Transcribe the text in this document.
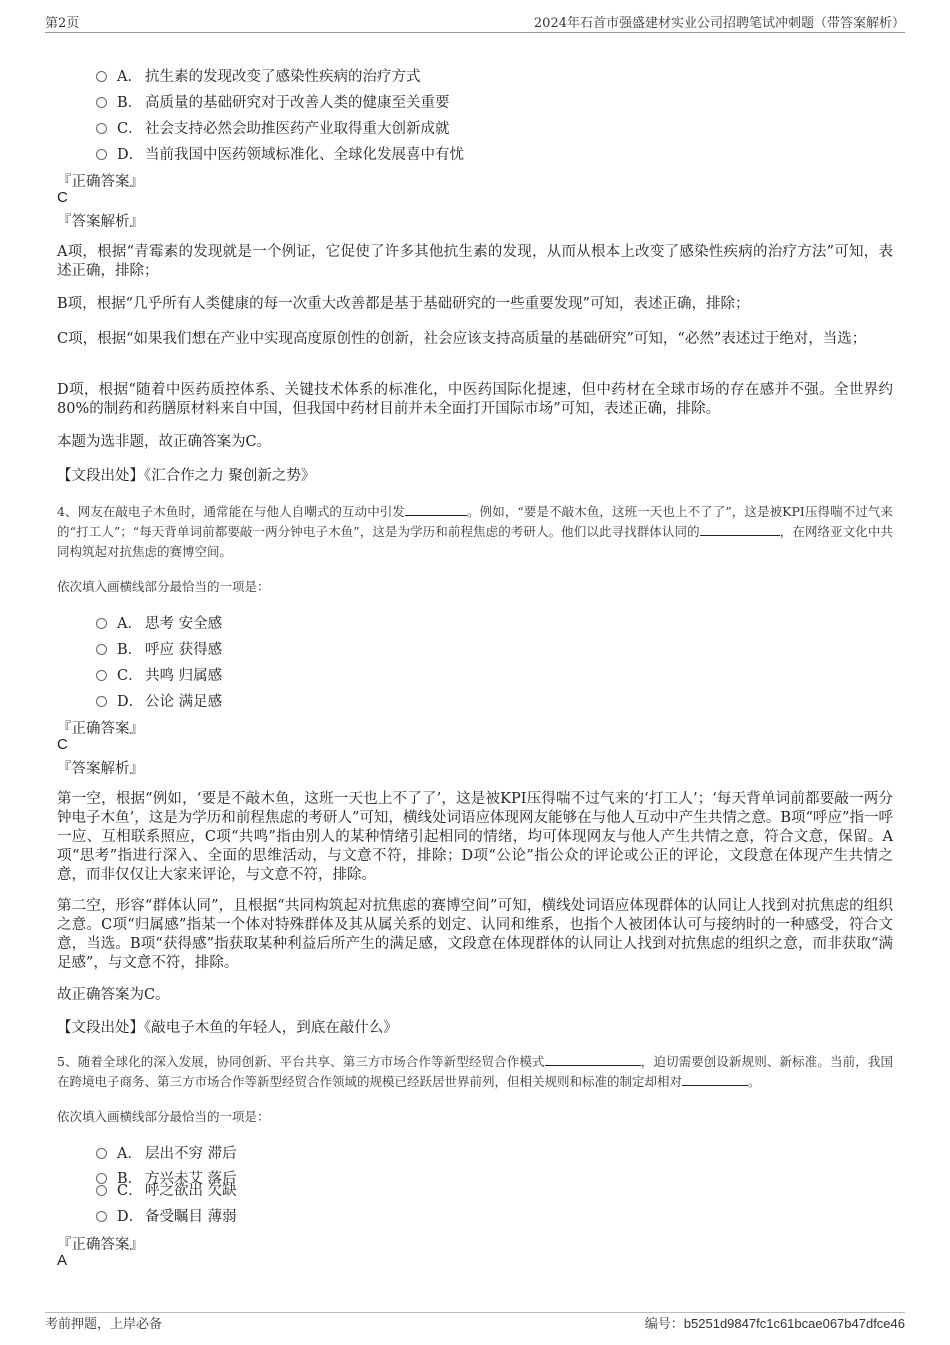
第2页	2024年石首市强盛建材实业公司招聘笔试冲刺题（带答案解析）
A． 抗生素的发现改变了感染性疾病的治疗方式
B． 高质量的基础研究对于改善人类的健康至关重要
C． 社会支持必然会助推医药产业取得重大创新成就
D． 当前我国中医药领域标准化、全球化发展喜中有忧
『正确答案』
C
『答案解析』
A项，根据“青霉素的发现就是一个例证，它促使了许多其他抗生素的发现，从而从根本上改变了感染性疾病的治疗方法”可知，表述正确，排除；
B项，根据“几乎所有人类健康的每一次重大改善都是基于基础研究的一些重要发现”可知，表述正确，排除；
C项，根据“如果我们想在产业中实现高度原创性的创新，社会应该支持高质量的基础研究”可知，“必然”表述过于绝对，当选；
D项，根据“随着中医药质控体系、关键技术体系的标准化，中医药国际化提速，但中药材在全球市场的存在感并不强。全世界约80%的制药和药膳原材料来自中国，但我国中药材目前并未全面打开国际市场”可知，表述正确，排除。
本题为选非题，故正确答案为C。
【文段出处】《汇合作之力 聚创新之势》
4、网友在敲电子木鱼时，通常能在与他人自嘲式的互动中引发	。例如，“要是不敲木鱼，这班一天也上不了了”，这是被KPI压得喘不过气来的“打工人”；“每天背单词前都要敲一两分钟电子木鱼”，这是为学历和前程焦虑的考研人。他们以此寻找群体认同的	，在网络亚文化中共同构筑起对抗焦虑的赛博空间。
依次填入画横线部分最恰当的一项是：
A． 思考 安全感
B． 呼应 获得感
C． 共鸣 归属感
D． 公论 满足感
『正确答案』
C
『答案解析』
第一空，根据“例如，‘要是不敲木鱼，这班一天也上不了了’，这是被KPI压得喘不过气来的‘打工人’；‘每天背单词前都要敲一两分钟电子木鱼’，这是为学历和前程焦虑的考研人”可知，横线处词语应体现网友能够在与他人互动中产生共情之意。B项“呼应”指一呼一应、互相联系照应，C项“共鸣”指由别人的某种情绪引起相同的情绪，均可体现网友与他人产生共情之意，符合文意，保留。A项“思考”指进行深入、全面的思维活动，与文意不符，排除；D项“公论”指公众的评论或公正的评论，文段意在体现产生共情之意，而非仅仅让大家来评论，与文意不符，排除。
第二空，形容“群体认同”，且根据“共同构筑起对抗焦虑的赛博空间”可知，横线处词语应体现群体的认同让人找到对抗焦虑的组织之意。C项“归属感”指某一个体对特殊群体及其从属关系的划定、认同和维系，也指个人被团体认可与接纳时的一种感受，符合文意，当选。B项“获得感”指获取某种利益后所产生的满足感，文段意在体现群体的认同让人找到对抗焦虑的组织之意，而非获取“满足感”，与文意不符，排除。
故正确答案为C。
【文段出处】《敲电子木鱼的年轻人，到底在敲什么》
5、随着全球化的深入发展，协同创新、平台共享、第三方市场合作等新型经贸合作模式	，迫切需要创设新规则、新标准。当前，我国在跨境电子商务、第三方市场合作等新型经贸合作领域的规模已经跃居世界前列，但相关规则和标准的制定却相对	。
依次填入画横线部分最恰当的一项是：
A． 层出不穷 滞后
B． 方兴未艾 落后
C． 呼之欲出 欠缺
D． 备受瞩目 薄弱
『正确答案』
A
考前押题，上岸必备	编号：b5251d9847fc1c61bcae067b47dfce46
